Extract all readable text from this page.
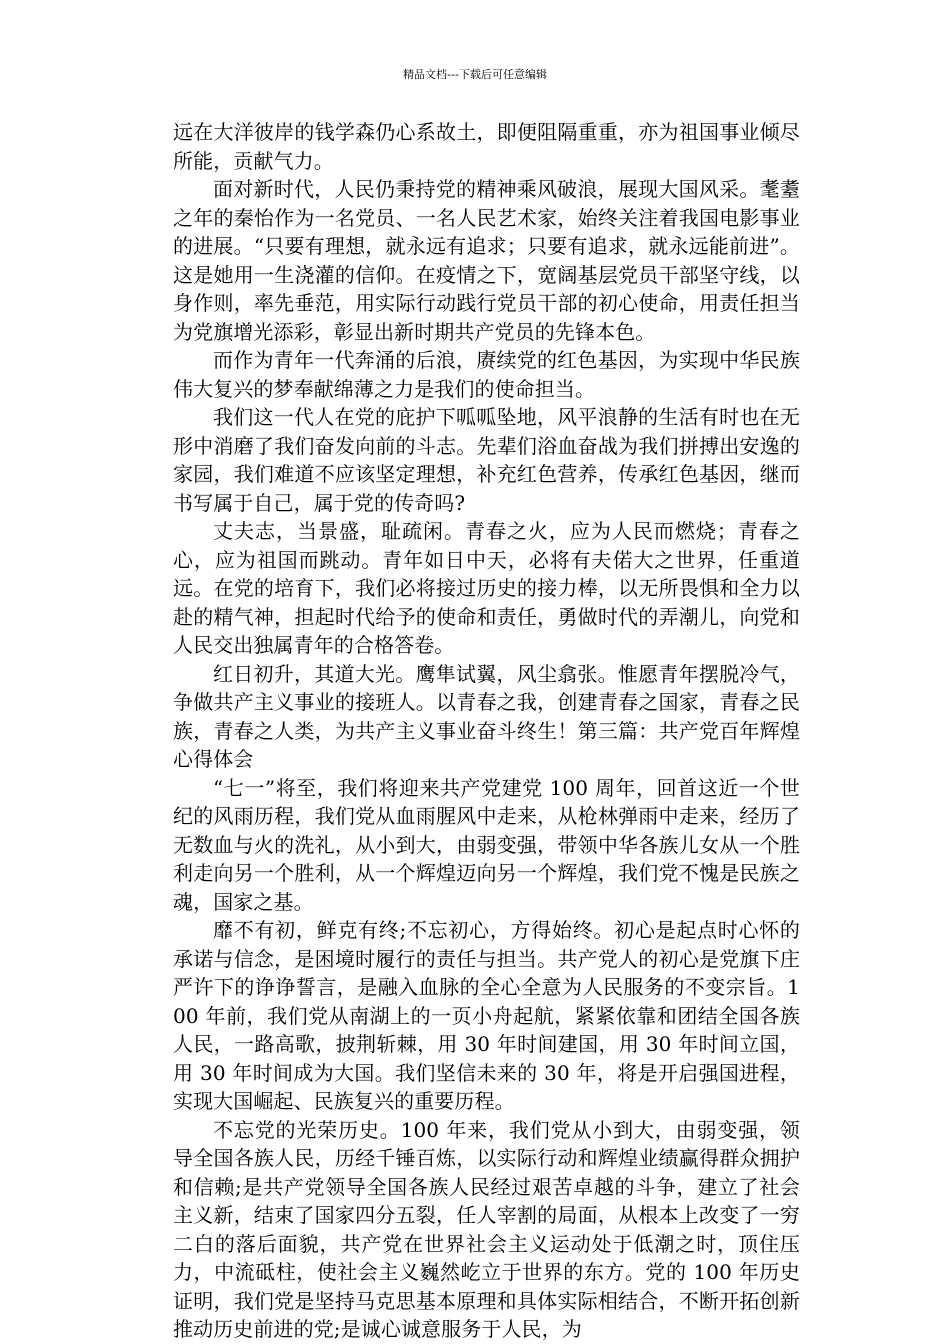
精品文档---下载后可任意编辑

远在大洋彼岸的钱学森仍心系故土，即便阻隔重重，亦为祖国事业倾尽所能，贡献气力。

面对新时代，人民仍秉持党的精神乘风破浪，展现大国风采。耄耋之年的秦怡作为一名党员、一名人民艺术家，始终关注着我国电影事业的进展。“只要有理想，就永远有追求；只要有追求，就永远能前进”。这是她用一生浇灌的信仰。在疫情之下，宽阔基层党员干部坚守线，以身作则，率先垂范，用实际行动践行党员干部的初心使命，用责任担当为党旗增光添彩，彰显出新时期共产党员的先锋本色。

而作为青年一代奔涌的后浪，赓续党的红色基因，为实现中华民族伟大复兴的梦奉献绵薄之力是我们的使命担当。

我们这一代人在党的庇护下呱呱坠地，风平浪静的生活有时也在无形中消磨了我们奋发向前的斗志。先辈们浴血奋战为我们拼搏出安逸的家园，我们难道不应该坚定理想，补充红色营养，传承红色基因，继而书写属于自己，属于党的传奇吗?

丈夫志，当景盛，耻疏闲。青春之火，应为人民而燃烧；青春之心，应为祖国而跳动。青年如日中天，必将有夫偌大之世界，任重道远。在党的培育下，我们必将接过历史的接力棒，以无所畏惧和全力以赴的精气神，担起时代给予的使命和责任，勇做时代的弄潮儿，向党和人民交出独属青年的合格答卷。

红日初升，其道大光。鹰隼试翼，风尘翕张。惟愿青年摆脱冷气，争做共产主义事业的接班人。以青春之我，创建青春之国家，青春之民族，青春之人类，为共产主义事业奋斗终生！第三篇：共产党百年辉煌心得体会

“七一”将至，我们将迎来共产党建党 100 周年，回首这近一个世纪的风雨历程，我们党从血雨腥风中走来，从枪林弹雨中走来，经历了无数血与火的洗礼，从小到大，由弱变强，带领中华各族儿女从一个胜利走向另一个胜利，从一个辉煌迈向另一个辉煌，我们党不愧是民族之魂，国家之基。

靡不有初，鲜克有终;不忘初心，方得始终。初心是起点时心怀的承诺与信念，是困境时履行的责任与担当。共产党人的初心是党旗下庄严许下的诤诤誓言，是融入血脉的全心全意为人民服务的不变宗旨。100 年前，我们党从南湖上的一页小舟起航，紧紧依靠和团结全国各族人民，一路高歌，披荆斩棘，用 30 年时间建国，用 30 年时间立国，用 30 年时间成为大国。我们坚信未来的 30 年，将是开启强国进程，实现大国崛起、民族复兴的重要历程。

不忘党的光荣历史。100 年来，我们党从小到大，由弱变强，领导全国各族人民，历经千锤百炼，以实际行动和辉煌业绩赢得群众拥护和信赖;是共产党领导全国各族人民经过艰苦卓越的斗争，建立了社会主义新，结束了国家四分五裂，任人宰割的局面，从根本上改变了一穷二白的落后面貌，共产党在世界社会主义运动处于低潮之时，顶住压力，中流砥柱，使社会主义巍然屹立于世界的东方。党的 100 年历史证明，我们党是坚持马克思基本原理和具体实际相结合，不断开拓创新推动历史前进的党;是诚心诚意服务于人民，为
